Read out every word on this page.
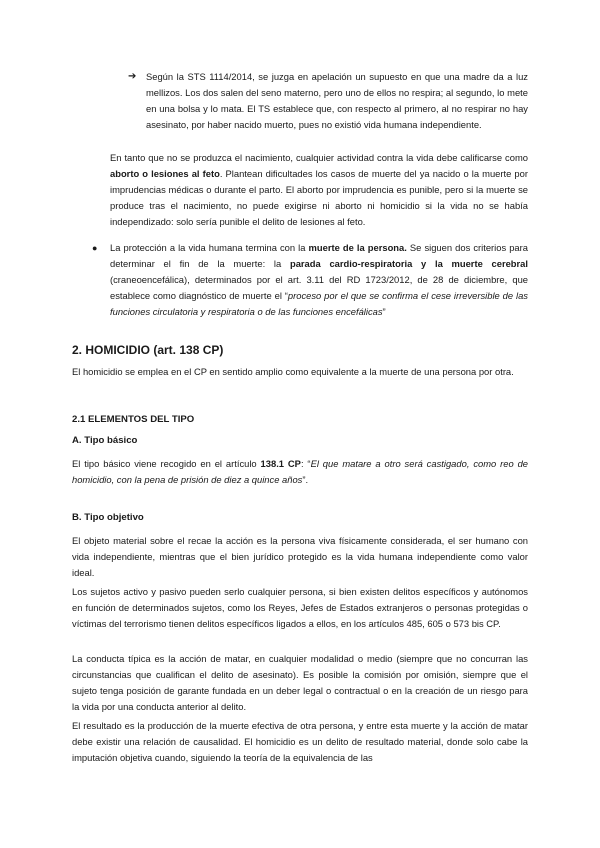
➔ Según la STS 1114/2014, se juzga en apelación un supuesto en que una madre da a luz mellizos. Los dos salen del seno materno, pero uno de ellos no respira; al segundo, lo mete en una bolsa y lo mata. El TS establece que, con respecto al primero, al no respirar no hay asesinato, por haber nacido muerto, pues no existió vida humana independiente.

En tanto que no se produzca el nacimiento, cualquier actividad contra la vida debe calificarse como aborto o lesiones al feto. Plantean dificultades los casos de muerte del ya nacido o la muerte por imprudencias médicas o durante el parto. El aborto por imprudencia es punible, pero si la muerte se produce tras el nacimiento, no puede exigirse ni aborto ni homicidio si la vida no se había independizado: solo sería punible el delito de lesiones al feto.

● La protección a la vida humana termina con la muerte de la persona. Se siguen dos criterios para determinar el fin de la muerte: la parada cardio-respiratoria y la muerte cerebral (craneoencefálica), determinados por el art. 3.11 del RD 1723/2012, de 28 de diciembre, que establece como diagnóstico de muerte el “proceso por el que se confirma el cese irreversible de las funciones circulatoria y respiratoria o de las funciones encefálicas”

2. HOMICIDIO (art. 138 CP)

El homicidio se emplea en el CP en sentido amplio como equivalente a la muerte de una persona por otra.

2.1 ELEMENTOS DEL TIPO
A. Tipo básico

El tipo básico viene recogido en el artículo 138.1 CP: “El que matare a otro será castigado, como reo de homicidio, con la pena de prisión de diez a quince años”.

B. Tipo objetivo

El objeto material sobre el recae la acción es la persona viva físicamente considerada, el ser humano con vida independiente, mientras que el bien jurídico protegido es la vida humana independiente como valor ideal.

Los sujetos activo y pasivo pueden serlo cualquier persona, si bien existen delitos específicos y autónomos en función de determinados sujetos, como los Reyes, Jefes de Estados extranjeros o personas protegidas o víctimas del terrorismo tienen delitos específicos ligados a ellos, en los artículos 485, 605 o 573 bis CP.

La conducta típica es la acción de matar, en cualquier modalidad o medio (siempre que no concurran las circunstancias que cualifican el delito de asesinato). Es posible la comisión por omisión, siempre que el sujeto tenga posición de garante fundada en un deber legal o contractual o en la creación de un riesgo para la vida por una conducta anterior al delito.

El resultado es la producción de la muerte efectiva de otra persona, y entre esta muerte y la acción de matar debe existir una relación de causalidad. El homicidio es un delito de resultado material, donde solo cabe la imputación objetiva cuando, siguiendo la teoría de la equivalencia de las
